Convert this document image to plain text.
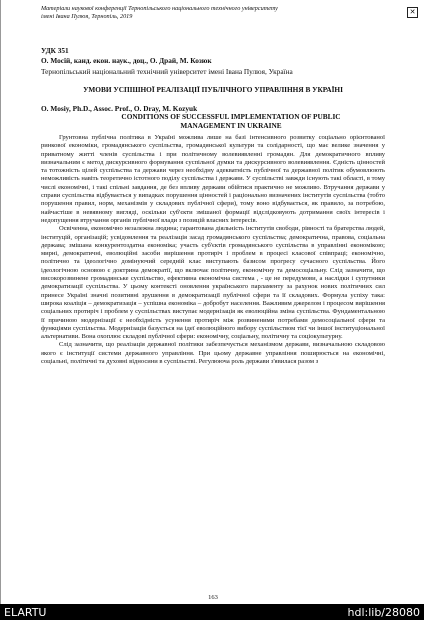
Матеріали наукової конференції Тернопільського національного технічного університету
імені Івана Пулюя, Тернопіль, 2019
✕
УДК 351
О. Мосій, канд. екон. наук., доц., О. Драй, М. Козюк
Тернопільський національний технічний університет імені Івана Пулюя, Україна
УМОВИ УСПІШНОЇ РЕАЛІЗАЦІЇ ПУБЛІЧНОГО УПРАВЛІННЯ В УКРАЇНІ
O. Mosiy, Ph.D., Assoc. Prof., O. Dray, M. Kozyuk
CONDITIONS OF SUCCESSFUL IMPLEMENTATION OF PUBLIC
MANAGEMENT IN UKRAINE

Грунтовна публічна політика в Україні можлива лише на базі інтенсивного розвитку соціально орієнтованої ринкової економіки, громадянського суспільства, громадянської культури та солідарності, що має велике значення у приватному житті членів суспільства і при політичному волевиявленні громадян. Для демократичного впливу визначальним є метод дискурсивного формування суспільної думки та дискурсивного волевиявлення. Єдність цінностей та тотожність цілей суспільства та держави через необхідну адекватність публічної та державної політик обумовлюють неможливість навіть теоретично істотного поділу суспільства і держави. У суспільстві завжди існують такі області, в тому числі економічні, і такі спільні завдання, де без впливу держави обійтися практично не можливо. Втручання держави у справи суспільства відбувається у випадках порушення цінностей і раціонально визначених інститутів суспільства (тобто порушення правил, норм, механізмів у складових публічної сфери), тому воно відбувається, як правило, за потребою, найчастіше в невявному вигляді, оскільки суб'єкти змішаної формації відслідковують дотримання своїх інтересів і недопущення втручання органів публічної влади з позицій власних інтересів.

Освіченна, економічно незалежна людина; гарантована діяльність інститутів свободи, рівності та братерства людей, інституцій, організацій; усвідомлення та реалізація засад громадянського суспільства; демократична, правова, соціальна держава; змішана конкурентоздатна економіка; участь суб'єктів громадянського суспільства в управлінні економікою; мирні, демократичні, еволюційні засоби вирішення протиріч і проблем в процесі класової співпраці; економічно, політично та ідеологічно домінуючий середній клас виступають базисом прогресу сучасного суспільства. Його ідеологічною основою є доктрина демократії, що включає політичну, економічну та демосоціальну. Слід зазначити, що високорозвинене громадянське суспільство, ефективна економічна система , - це не передумови, а наслідки і супутники демократизації суспільства. У цьому контексті оновлення українського парламенту за рахунок нових політичних сил принесе Україні значні позитивні зрушення в демократизації публічної сфери та її складових. Формула успіху така: широка коаліція – демократизація – успішна економіка – добробут населення. Важливим джерелом і процесом вирішення соціальних протиріч і проблем у суспільствах виступає модернізація як еволюційна зміна суспільства. Фундаментальною її причиною модернізації є необхідність усунення протиріч між розвиненими потребами демосоціальної сфери та функціями суспільства. Модернізація базується на ідеї еволюційного вибору суспільством тієї чи іншої інституціональної альтернативи. Вона охоплює складові публічної сфери: економічну, соціальну, політичну та соціокультурну.

Слід зазначити, що реалізація державної політики забезпечується механізмом держави, визначальною складовою якого є інституції системи державного управління. При цьому державне управління поширюється на економічні, соціальні, політичні та духовні відносини в суспільстві. Регулююча роль держави з'явилася разом з

163
ELARTU	hdl:lib/28080
